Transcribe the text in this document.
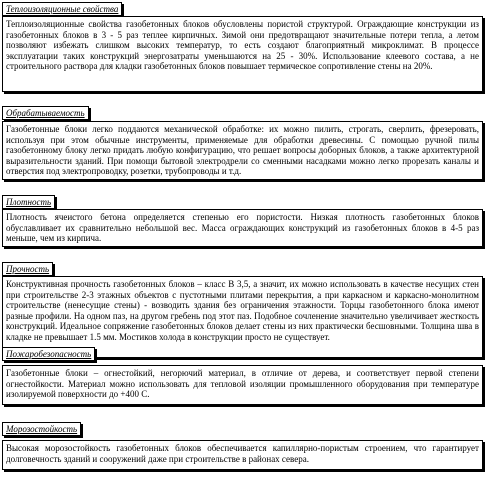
Теплоизоляционные свойства
Теплоизоляционные свойства газобетонных блоков обусловлены пористой структурой. Ограждающие конструкции из газобетонных блоков в 3 - 5 раз теплее кирпичных. Зимой они предотвращают значительные потери тепла, а летом позволяют избежать слишком высоких температур, то есть создают благоприятный микроклимат. В процессе эксплуатации таких конструкций энергозатраты уменьшаются на 25 - 30%. Использование клеевого состава, а не строительного раствора для кладки газобетонных блоков повышает термическое сопротивление стены на 20%.
Обрабатываемость
Газобетонные блоки легко поддаются механической обработке: их можно пилить, строгать, сверлить, фрезеровать, используя при этом обычные инструменты, применяемые для обработки древесины. С помощью ручной пилы газобетонному блоку легко придать любую конфигурацию, что решает вопросы доборных блоков, а также архитектурной выразительности зданий. При помощи бытовой электродрели со сменными насадками можно легко прорезать каналы и отверстия под электропроводку, розетки, трубопроводы и т.д.
Плотность
Плотность ячеистого бетона определяется степенью его пористости. Низкая плотность газобетонных блоков обуславливает их сравнительно небольшой вес. Масса ограждающих конструкций из газобетонных блоков в 4-5 раз меньше, чем из кирпича.
Прочность
Конструктивная прочность газобетонных блоков – класс В 3,5, а значит, их можно использовать в качестве несущих стен при строительстве 2-3 этажных объектов с пустотными плитами перекрытия, а при каркасном и каркасно-монолитном строительстве (ненесущие стены) - возводить здания без ограничения этажности. Торцы газобетонного блока имеют разные профили. На одном паз, на другом гребень под этот паз. Подобное сочленение значительно увеличивает жесткость конструкций. Идеальное сопряжение газобетонных блоков делает стены из них практически бесшовными. Толщина шва в кладке не превышает 1.5 мм. Мостиков холода в конструкции просто не существует.
Пожаробезопасность
Газобетонные блоки – огнестойкий, негорючий материал, в отличие от дерева, и соответствует первой степени огнестойкости. Материал можно использовать для тепловой изоляции промышленного оборудования при температуре изолируемой поверхности до +400 С.
Морозостойкость
Высокая морозостойкость газобетонных блоков обеспечивается капиллярно-пористым строением, что гарантирует долговечность зданий и сооружений даже при строительстве в районах севера.
